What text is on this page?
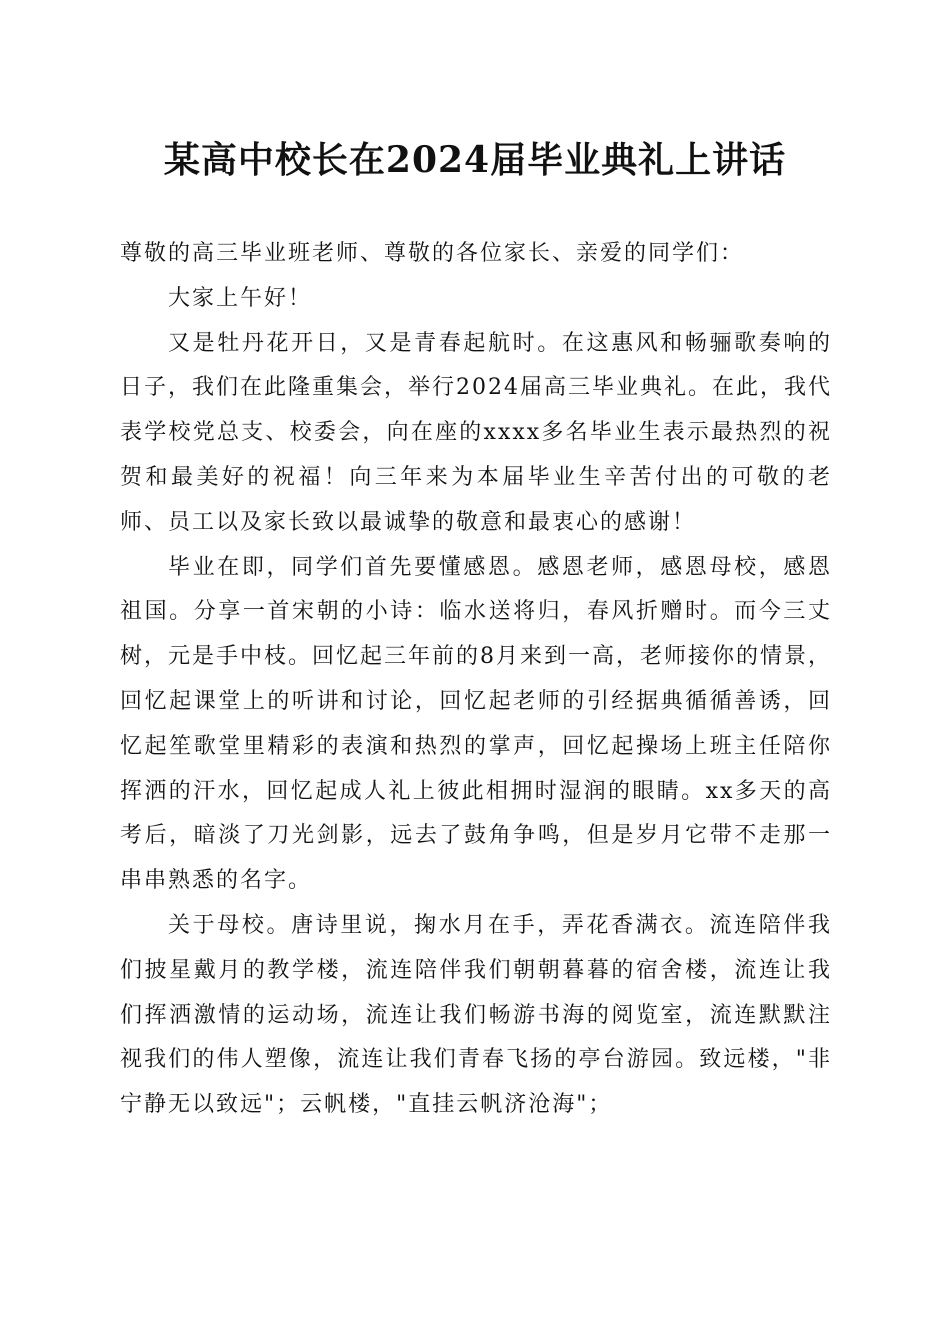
某高中校长在2024届毕业典礼上讲话

尊敬的高三毕业班老师、尊敬的各位家长、亲爱的同学们：

大家上午好！

又是牡丹花开日，又是青春起航时。在这惠风和畅骊歌奏响的日子，我们在此隆重集会，举行2024届高三毕业典礼。在此，我代表学校党总支、校委会，向在座的xxxx多名毕业生表示最热烈的祝贺和最美好的祝福！向三年来为本届毕业生辛苦付出的可敬的老师、员工以及家长致以最诚挚的敬意和最衷心的感谢！

毕业在即，同学们首先要懂感恩。感恩老师，感恩母校，感恩祖国。分享一首宋朝的小诗：临水送将归，春风折赠时。而今三丈树，元是手中枝。回忆起三年前的8月来到一高，老师接你的情景，回忆起课堂上的听讲和讨论，回忆起老师的引经据典循循善诱，回忆起笙歌堂里精彩的表演和热烈的掌声，回忆起操场上班主任陪你挥洒的汗水，回忆起成人礼上彼此相拥时湿润的眼睛。xx多天的高考后，暗淡了刀光剑影，远去了鼓角争鸣，但是岁月它带不走那一串串熟悉的名字。

关于母校。唐诗里说，掬水月在手，弄花香满衣。流连陪伴我们披星戴月的教学楼，流连陪伴我们朝朝暮暮的宿舍楼，流连让我们挥洒激情的运动场，流连让我们畅游书海的阅览室，流连默默注视我们的伟人塑像，流连让我们青春飞扬的亭台游园。致远楼，"非宁静无以致远"；云帆楼，"直挂云帆济沧海"；
